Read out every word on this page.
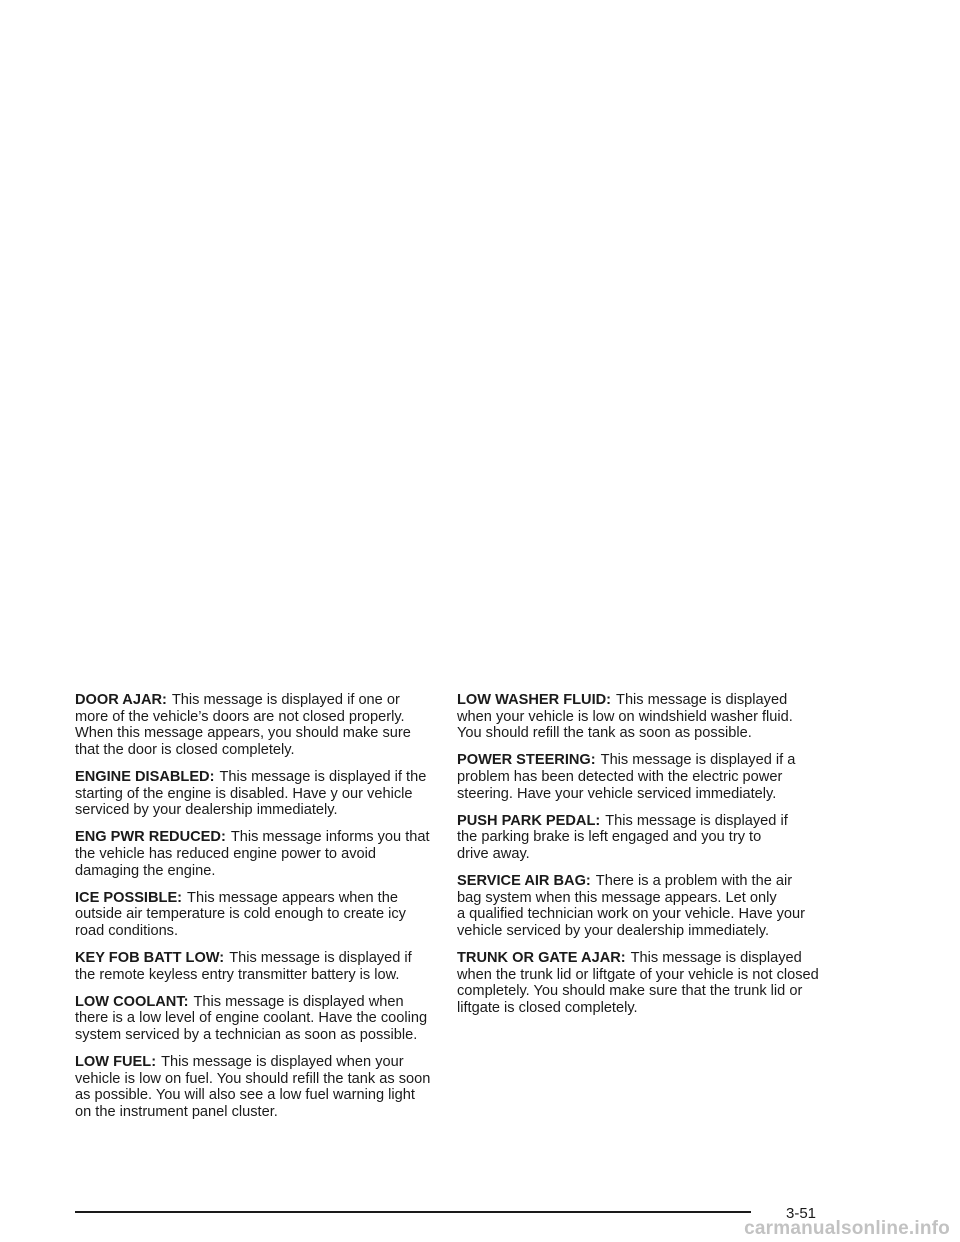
DOOR AJAR: This message is displayed if one or
more of the vehicle’s doors are not closed properly.
When this message appears, you should make sure
that the door is closed completely.
ENGINE DISABLED: This message is displayed if the
starting of the engine is disabled. Have y our vehicle
serviced by your dealership immediately.
ENG PWR REDUCED: This message informs you that
the vehicle has reduced engine power to avoid
damaging the engine.
ICE POSSIBLE: This message appears when the
outside air temperature is cold enough to create icy
road conditions.
KEY FOB BATT LOW: This message is displayed if
the remote keyless entry transmitter battery is low.
LOW COOLANT: This message is displayed when
there is a low level of engine coolant. Have the cooling
system serviced by a technician as soon as possible.
LOW FUEL: This message is displayed when your
vehicle is low on fuel. You should refill the tank as soon
as possible. You will also see a low fuel warning light
on the instrument panel cluster.
LOW WASHER FLUID: This message is displayed
when your vehicle is low on windshield washer fluid.
You should refill the tank as soon as possible.
POWER STEERING: This message is displayed if a
problem has been detected with the electric power
steering. Have your vehicle serviced immediately.
PUSH PARK PEDAL: This message is displayed if
the parking brake is left engaged and you try to
drive away.
SERVICE AIR BAG: There is a problem with the air
bag system when this message appears. Let only
a qualified technician work on your vehicle. Have your
vehicle serviced by your dealership immediately.
TRUNK OR GATE AJAR: This message is displayed
when the trunk lid or liftgate of your vehicle is not closed
completely. You should make sure that the trunk lid or
liftgate is closed completely.
3-51
carmanualsonline.info
